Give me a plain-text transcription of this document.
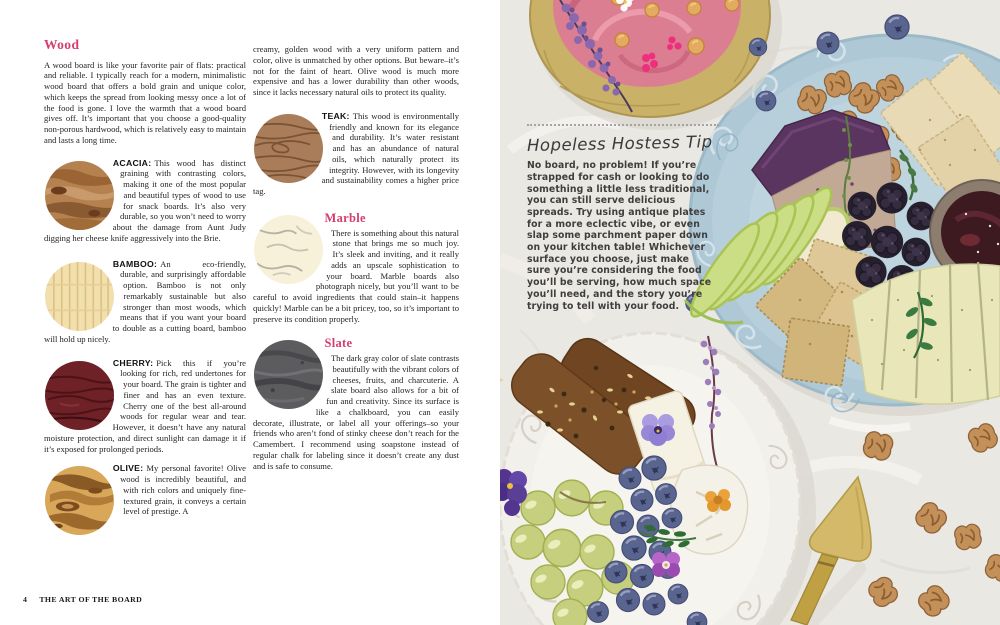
Wood

A wood board is like your favorite pair of flats: practical and reliable. I typically reach for a modern, minimalistic wood board that offers a bold grain and unique color, which keeps the spread from looking messy once a lot of the food is gone. I love the warmth that a wood board gives off. It’s important that you choose a good-quality non-porous hardwood, which is relatively easy to maintain and lasts a long time.

ACACIA: This wood has distinct graining with contrasting colors, making it one of the most popular and beautiful types of wood to use for snack boards. It’s also very durable, so you won’t need to worry about the damage from Aunt Judy digging her cheese knife aggressively into the Brie.

BAMBOO: An eco-friendly, durable, and surprisingly affordable option. Bamboo is not only remarkably sustainable but also stronger than most woods, which means that if you want your board to double as a cutting board, bamboo will hold up nicely.

CHERRY: Pick this if you’re looking for rich, red undertones for your board. The grain is tighter and finer and has an even texture. Cherry one of the best all-around woods for regular wear and tear. However, it doesn’t have any natural moisture protection, and direct sunlight can damage it if it’s exposed for prolonged periods.

OLIVE: My personal favorite! Olive wood is incredibly beautiful, and with rich colors and uniquely fine-textured grain, it conveys a certain level of prestige. A

creamy, golden wood with a very uniform pattern and color, olive is unmatched by other options. But beware–it’s not for the faint of heart. Olive wood is much more expensive and has a lower durability than other woods, since it lacks necessary natural oils to protect its quality.

TEAK: This wood is environmentally friendly and known for its elegance and durability. It’s water resistant and has an abundance of natural oils, which naturally protect its integrity. However, with its longevity and sustainability comes a higher price tag.

Marble

There is something about this natural stone that brings me so much joy. It’s sleek and inviting, and it really adds an upscale sophistication to your board. Marble boards also photograph nicely, but you’ll want to be careful to avoid ingredients that could stain–it happens quickly! Marble can be a bit pricey, too, so it’s important to preserve its condition properly.

Slate

The dark gray color of slate contrasts beautifully with the vibrant colors of cheeses, fruits, and charcuterie. A slate board also allows for a bit of fun and creativity. Since its surface is like a chalkboard, you can easily decorate, illustrate, or label all your offerings–so your friends who aren’t fond of stinky cheese don’t reach for the Camembert. I recommend using soapstone instead of regular chalk for labeling since it doesn’t create any dust and is safe to consume.

4 THE ART OF THE BOARD
Hopeless Hostess Tip
No board, no problem! If you’re strapped for cash or looking to do something a little less traditional, you can still serve delicious spreads. Try using antique plates for a more eclectic vibe, or even slap some parchment paper down on your kitchen table! Whichever surface you choose, just make sure you’re considering the food you’ll be serving, how much space you’ll need, and the story you’re trying to tell with your food.
